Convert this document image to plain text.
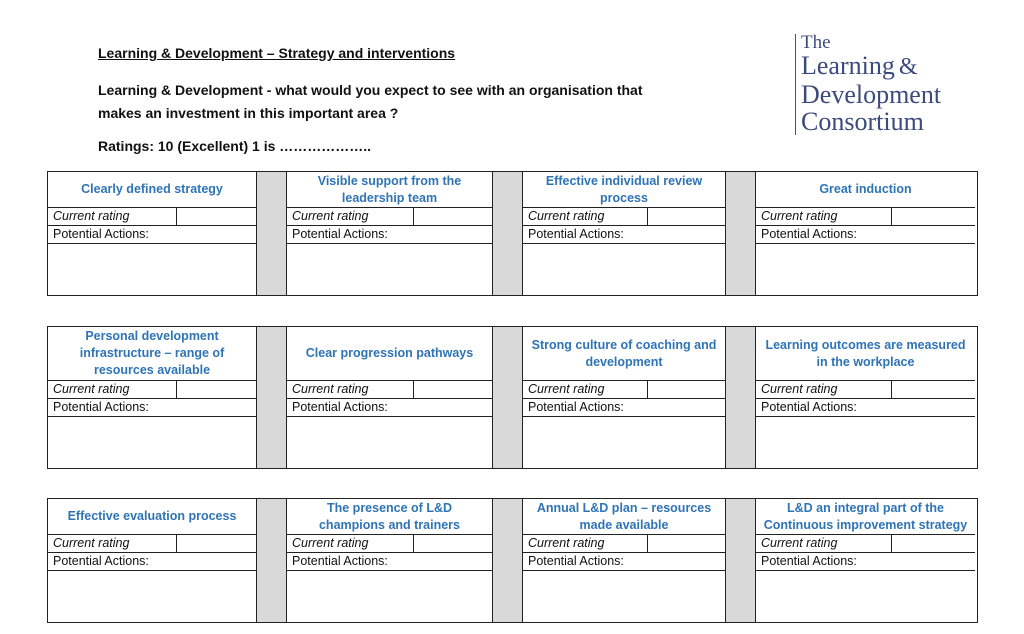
Learning & Development – Strategy and interventions
Learning & Development - what would you expect to see with an organisation that makes an investment in this important area ?
Ratings: 10 (Excellent) 1 is ………………..
The
Learning &
Development
Consortium
Clearly defined strategy
Current rating
Potential Actions:
Visible support from the leadership team
Current rating
Potential Actions:
Effective individual review process
Current rating
Potential Actions:
Great induction
Current rating
Potential Actions:
Personal development infrastructure – range of resources available
Current rating
Potential Actions:
Clear progression pathways
Current rating
Potential Actions:
Strong culture of coaching and development
Current rating
Potential Actions:
Learning outcomes are measured in the workplace
Current rating
Potential Actions:
Effective evaluation process
Current rating
Potential Actions:
The presence of L&D champions and trainers
Current rating
Potential Actions:
Annual L&D plan – resources made available
Current rating
Potential Actions:
L&D an integral part of the Continuous improvement strategy
Current rating
Potential Actions:
